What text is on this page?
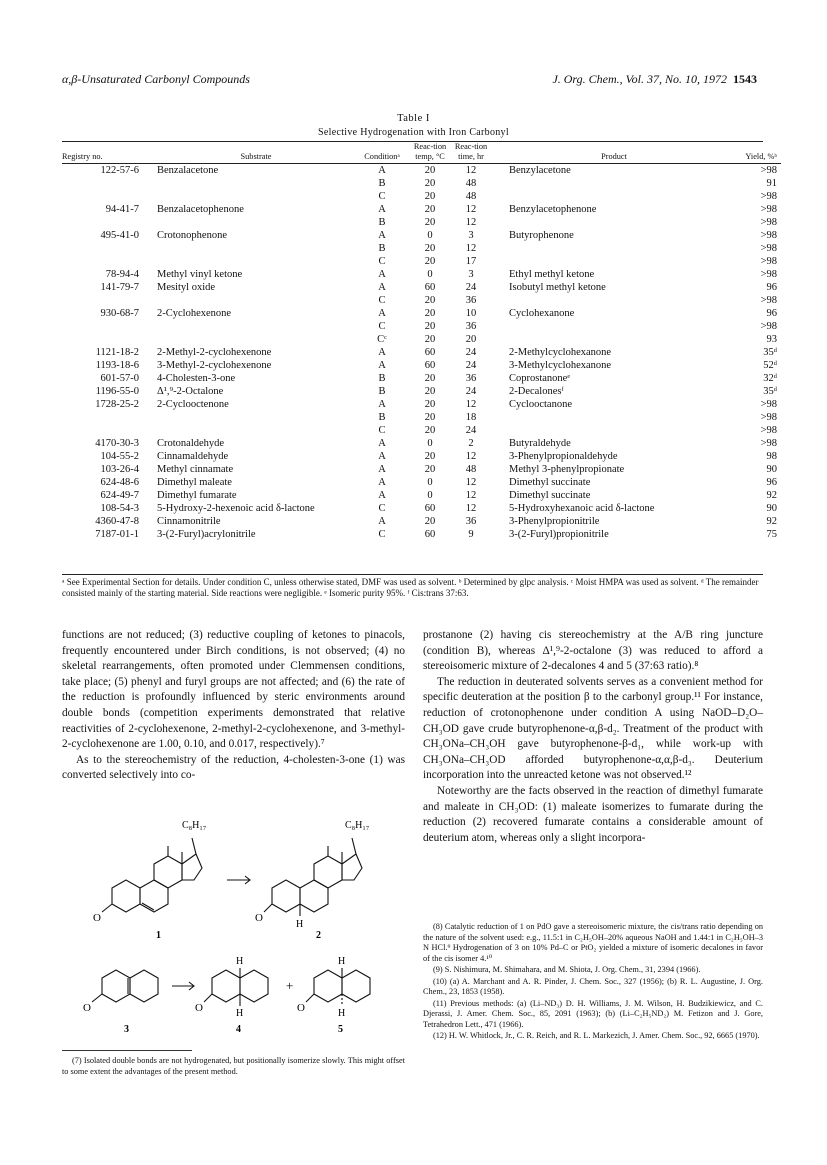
α,β-Unsaturated Carbonyl Compounds	J. Org. Chem., Vol. 37, No. 10, 1972 1543
Table I
Selective Hydrogenation with Iron Carbonyl
Registry no.	Substrate	Conditionᵃ	Reac-tion temp, °C	Reac-tion time, hr	Product	Yield, %ᵇ
122-57-6	Benzalacetone	A	20	12	Benzylacetone	>98
		B	20	48		91
		C	20	48		>98
94-41-7	Benzalacetophenone	A	20	12	Benzylacetophenone	>98
		B	20	12		>98
495-41-0	Crotonophenone	A	0	3	Butyrophenone	>98
		B	20	12		>98
		C	20	17		>98
78-94-4	Methyl vinyl ketone	A	0	3	Ethyl methyl ketone	>98
141-79-7	Mesityl oxide	A	60	24	Isobutyl methyl ketone	96
		C	20	36		>98
930-68-7	2-Cyclohexenone	A	20	10	Cyclohexanone	96
		C	20	36		>98
		Cᶜ	20	20		93
1121-18-2	2-Methyl-2-cyclohexenone	A	60	24	2-Methylcyclohexanone	35ᵈ
1193-18-6	3-Methyl-2-cyclohexenone	A	60	24	3-Methylcyclohexanone	52ᵈ
601-57-0	4-Cholesten-3-one	B	20	36	Coprostanoneᵉ	32ᵈ
1196-55-0	Δ¹,⁹-2-Octalone	B	20	24	2-Decalonesᶠ	35ᵈ
1728-25-2	2-Cyclooctenone	A	20	12	Cyclooctanone	>98
		B	20	18		>98
		C	20	24		>98
4170-30-3	Crotonaldehyde	A	0	2	Butyraldehyde	>98
104-55-2	Cinnamaldehyde	A	20	12	3-Phenylpropionaldehyde	98
103-26-4	Methyl cinnamate	A	20	48	Methyl 3-phenylpropionate	90
624-48-6	Dimethyl maleate	A	0	12	Dimethyl succinate	96
624-49-7	Dimethyl fumarate	A	0	12	Dimethyl succinate	92
108-54-3	5-Hydroxy-2-hexenoic acid δ-lactone	C	60	12	5-Hydroxyhexanoic acid δ-lactone	90
4360-47-8	Cinnamonitrile	A	20	36	3-Phenylpropionitrile	92
7187-01-1	3-(2-Furyl)acrylonitrile	C	60	9	3-(2-Furyl)propionitrile	75
ᵃ See Experimental Section for details. Under condition C, unless otherwise stated, DMF was used as solvent. ᵇ Determined by glpc analysis. ᶜ Moist HMPA was used as solvent. ᵈ The remainder consisted mainly of the starting material. Side reactions were negligible. ᵉ Isomeric purity 95%. ᶠ Cis:trans 37:63.

functions are not reduced; (3) reductive coupling of ketones to pinacols, frequently encountered under Birch conditions, is not observed; (4) no skeletal rearrangements, often promoted under Clemmensen conditions, take place; (5) phenyl and furyl groups are not affected; and (6) the rate of the reduction is profoundly influenced by steric environments around double bonds (competition experiments demonstrated that relative reactivities of 2-cyclohexenone, 2-methyl-2-cyclohexenone, and 3-methyl-2-cyclohexenone are 1.00, 0.10, and 0.017, respectively).⁷

As to the stereochemistry of the reduction, 4-cholesten-3-one (1) was converted selectively into co-

prostanone (2) having cis stereochemistry at the A/B ring juncture (condition B), whereas Δ¹,⁹-2-octalone (3) was reduced to afford a stereoisomeric mixture of 2-decalones 4 and 5 (37:63 ratio).⁸

The reduction in deuterated solvents serves as a convenient method for specific deuteration at the position β to the carbonyl group.¹¹ For instance, reduction of crotonophenone under condition A using NaOD–D₂O–CH₃OD gave crude butyrophenone-α,β-d₂. Treatment of the product with CH₃ONa–CH₃OH gave butyrophenone-β-d₁, while work-up with CH₃ONa–CH₃OD afforded butyrophenone-α,α,β-d₃. Deuterium incorporation into the unreacted ketone was not observed.¹²

Noteworthy are the facts observed in the reaction of dimethyl fumarate and maleate in CH₃OD: (1) maleate isomerizes to fumarate during the reduction (2) recovered fumarate contains a considerable amount of deuterium atom, whereas only a slight incorpora-

C₈H₁₇	C₈H₁₇
O	O
H
O	O	O
H
H
H
H
+
1	2
3	4	5

(7) Isolated double bonds are not hydrogenated, but positionally isomerize slowly. This might offset to some extent the advantages of the present method.

(8) Catalytic reduction of 1 on PdO gave a stereoisomeric mixture, the cis/trans ratio depending on the nature of the solvent used: e.g., 11.5:1 in C₂H₅OH–20% aqueous NaOH and 1.44:1 in C₂H₅OH–3 N HCl.⁹ Hydrogenation of 3 on 10% Pd–C or PtO₂ yielded a mixture of isomeric decalones in favor of the cis isomer 4.¹⁰

(9) S. Nishimura, M. Shimahara, and M. Shiota, J. Org. Chem., 31, 2394 (1966).

(10) (a) A. Marchant and A. R. Pinder, J. Chem. Soc., 327 (1956); (b) R. L. Augustine, J. Org. Chem., 23, 1853 (1958).

(11) Previous methods: (a) (Li–ND₃) D. H. Williams, J. M. Wilson, H. Budzikiewicz, and C. Djerassi, J. Amer. Chem. Soc., 85, 2091 (1963); (b) (Li–C₂H₅ND₂) M. Fetizon and J. Gore, Tetrahedron Lett., 471 (1966).

(12) H. W. Whitlock, Jr., C. R. Reich, and R. L. Markezich, J. Amer. Chem. Soc., 92, 6665 (1970).
